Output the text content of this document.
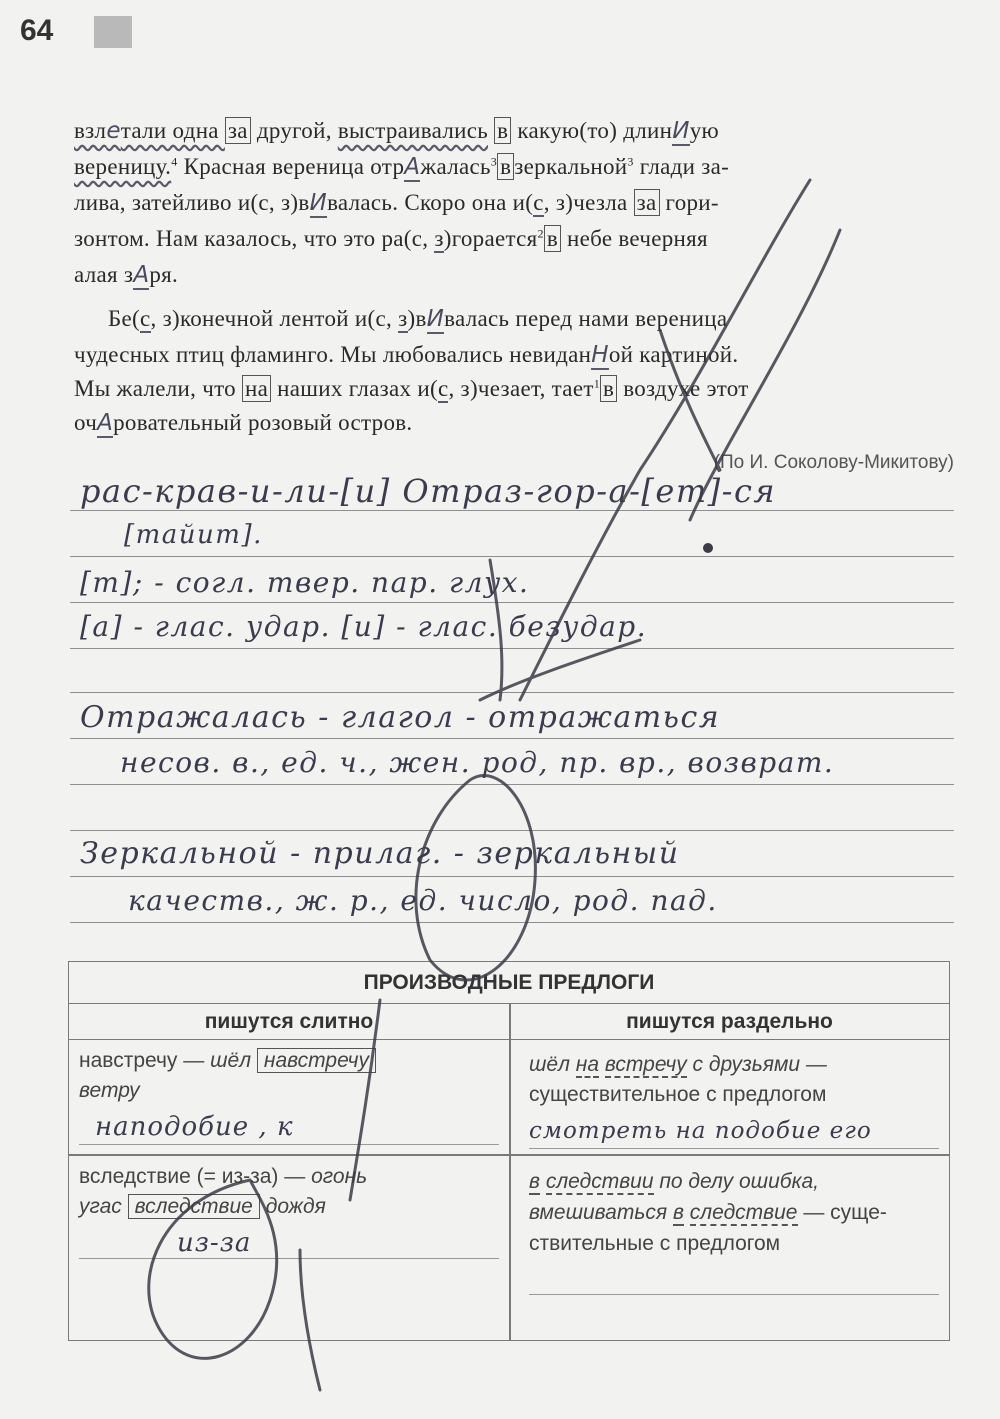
64
взлетали одна за другой, выстраивались в какую(то) длинИую
вереницу.$^4$ Красная вереница отрАжалась$^3$ в зеркальной$^3$ глади за-
лива, затейливо и(с, з)вИвалась. Скоро она и(с, з)чезла за гори-
зонтом. Нам казалось, что это ра(с, з)горается$^2$ в небе вечерняя
алая зАря.
Бе(с, з)конечной лентой и(с, з)вИвалась перед нами вереница
чудесных птиц фламинго. Мы любовались невиданНой картиной.
Мы жалели, что на наших глазах и(с, з)чезает, тает$^1$ в воздухе этот
очАровательный розовый остров.
(По И. Соколову-Микитову)
рас-крав-и-ли-[и] Отраз-гор-а-[ет]-ся
[тайит].
[т]; - согл. твер. пар. глух.
[а] - глас. удар. [и] - глас. безудар.
Отражалась - глагол - отражаться
несов. в., ед. ч., жен. род, пр. вр., возврат.
Зеркальной - прилаг. - зеркальный
качеств., ж. р., ед. число, род. пад.
ПРОИЗВОДНЫЕ ПРЕДЛОГИ
пишутся слитно	пишутся раздельно
навстречу — шёл навстречу
ветру
наподобие , к
шёл на встречу с друзьями —
существительное с предлогом
смотреть на подобие его
вследствие (= из-за) — огонь
угас вследствие дождя
из-за
в следствии по делу ошибка,
вмешиваться в следствие — суще-
ствительные с предлогом
